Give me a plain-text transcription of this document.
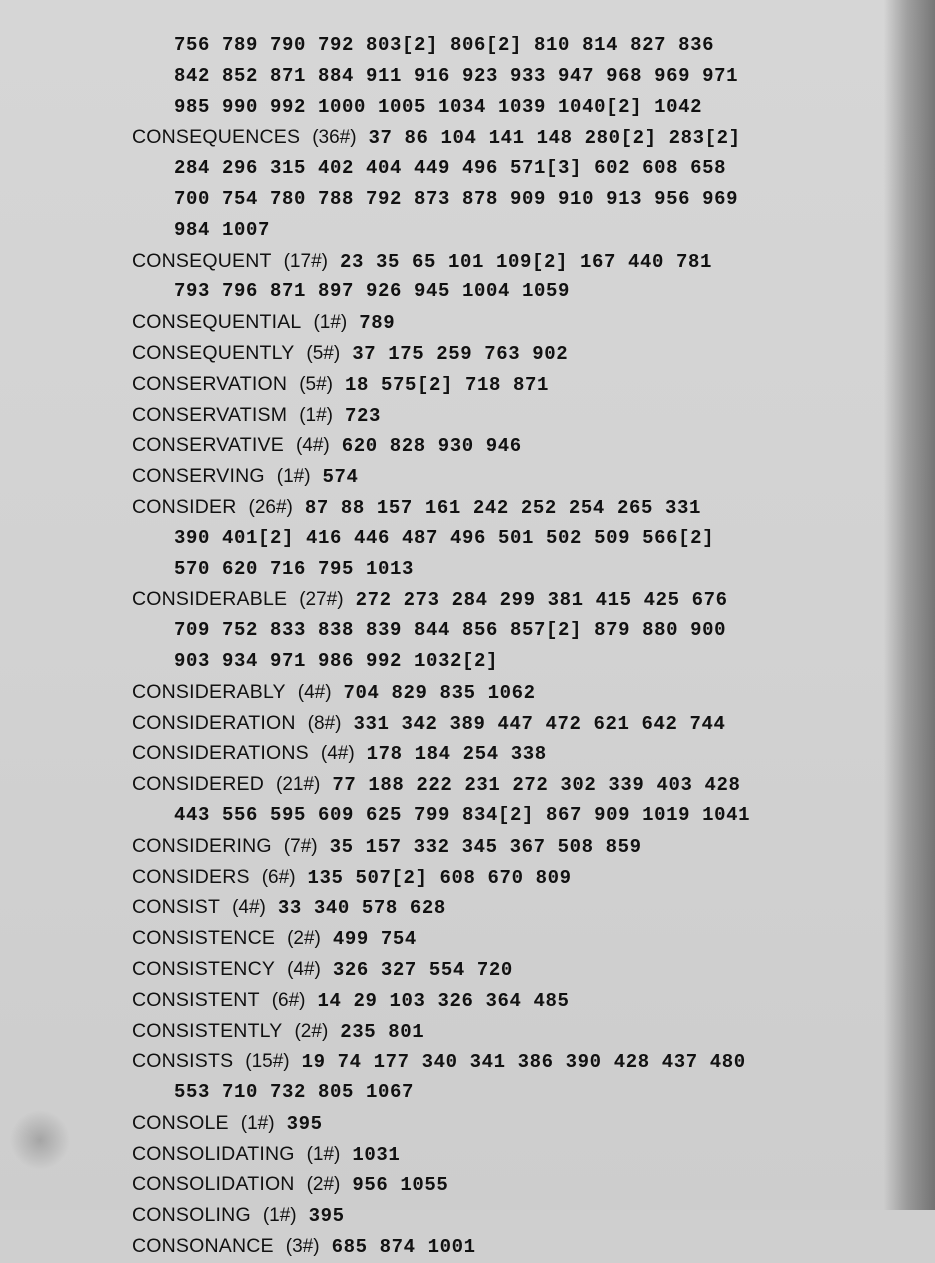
756 789 790 792 803[2] 806[2] 810 814 827 836
842 852 871 884 911 916 923 933 947 968 969 971
985 990 992 1000 1005 1034 1039 1040[2] 1042
CONSEQUENCES (36#) 37 86 104 141 148 280[2] 283[2]
284 296 315 402 404 449 496 571[3] 602 608 658
700 754 780 788 792 873 878 909 910 913 956 969
984 1007
CONSEQUENT (17#) 23 35 65 101 109[2] 167 440 781
793 796 871 897 926 945 1004 1059
CONSEQUENTIAL (1#) 789
CONSEQUENTLY (5#) 37 175 259 763 902
CONSERVATION (5#) 18 575[2] 718 871
CONSERVATISM (1#) 723
CONSERVATIVE (4#) 620 828 930 946
CONSERVING (1#) 574
CONSIDER (26#) 87 88 157 161 242 252 254 265 331
390 401[2] 416 446 487 496 501 502 509 566[2]
570 620 716 795 1013
CONSIDERABLE (27#) 272 273 284 299 381 415 425 676
709 752 833 838 839 844 856 857[2] 879 880 900
903 934 971 986 992 1032[2]
CONSIDERABLY (4#) 704 829 835 1062
CONSIDERATION (8#) 331 342 389 447 472 621 642 744
CONSIDERATIONS (4#) 178 184 254 338
CONSIDERED (21#) 77 188 222 231 272 302 339 403 428
443 556 595 609 625 799 834[2] 867 909 1019 1041
CONSIDERING (7#) 35 157 332 345 367 508 859
CONSIDERS (6#) 135 507[2] 608 670 809
CONSIST (4#) 33 340 578 628
CONSISTENCE (2#) 499 754
CONSISTENCY (4#) 326 327 554 720
CONSISTENT (6#) 14 29 103 326 364 485
CONSISTENTLY (2#) 235 801
CONSISTS (15#) 19 74 177 340 341 386 390 428 437 480
553 710 732 805 1067
CONSOLE (1#) 395
CONSOLIDATING (1#) 1031
CONSOLIDATION (2#) 956 1055
CONSOLING (1#) 395
CONSONANCE (3#) 685 874 1001
